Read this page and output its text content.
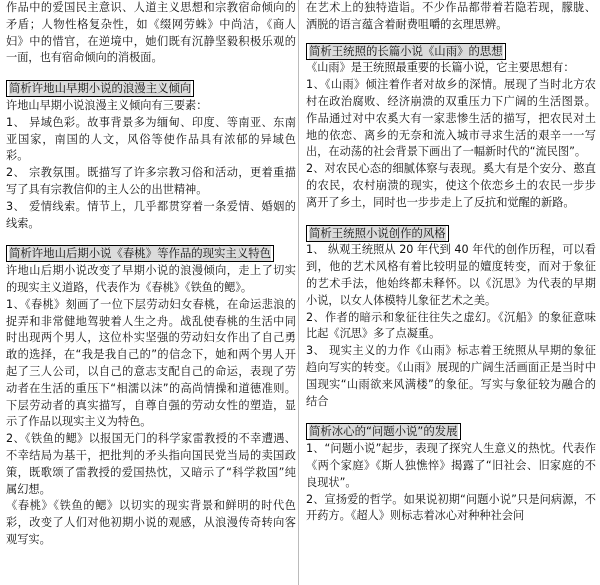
作品中的爱国民主意识、人道主义思想和宗教宿命倾向的矛盾；人物性格复杂性，如《缀网劳蛛》中尚洁，《商人妇》中的惜官，在逆境中，她们既有沉静坚毅积极乐观的一面，也有宿命倾向的消极面。

简析许地山早期小说的浪漫主义倾向

许地山早期小说浪漫主义倾向有三要素：

1、 异域色彩。故事背景多为缅甸、印度、等南亚、东南亚国家，南国的人文，风俗等使作品具有浓郁的异域色彩。

2、 宗教氛围。既描写了许多宗教习俗和活动，更着重描写了具有宗教信仰的主人公的出世精神。

3、 爱情线索。情节上，几乎都贯穿着一条爱情、婚姻的线索。

简析许地山后期小说《春桃》等作品的现实主义特色

许地山后期小说改变了早期小说的浪漫倾向，走上了切实的现实主义道路，代表作为《春桃》《铁鱼的鳃》。

1、《春桃》刻画了一位下层劳动妇女春桃，在命运悲浪的捉弄和非常健地驾驶着人生之舟。战乱使春桃的生活中同时出现两个男人，这位朴实坚强的劳动妇女作出了自己勇敢的选择，在“我是我自己的”的信念下，她和两个男人开起了三人公司，以自己的意志支配自己的命运，表现了劳动者在生活的重压下“相濡以沫”的高尚情操和道德准则。下层劳动者的真实描写，自尊自强的劳动女性的塑造，显示了作品以现实主义为特色。

2、《铁鱼的鳃》以报国无门的科学家雷教授的不幸遭遇、不幸结局为基干，把批判的矛头指向国民党当局的卖国政策，既歌颂了雷教授的爱国热忱，又暗示了“科学救国”纯属幻想。

《春桃》《铁鱼的鳃》以切实的现实背景和鲜明的时代色彩，改变了人们对他初期小说的观感，从浪漫传奇转向客观写实。

在艺术上的独特造诣。不少作品都带着若隐若现，朦胧、洒脱的语言蕴含着耐费咀嚼的玄理思辨。

简析王统照的长篇小说《山雨》的思想

《山雨》是王统照最重要的长篇小说，它主要思想有：

1、《山雨》倾注着作者对故乡的深情。展现了当时北方农村在政治腐败、经济崩溃的双重压力下广阔的生活图景。作品通过对中农奚大有一家悲惨生活的描写，把农民对土地的依恋、离乡的无奈和流入城市寻求生活的艰辛一一写出，在动荡的社会背景下画出了一幅新时代的“流民图”。

2、对农民心态的细腻体察与表现。奚大有是个安分、憨直的农民，农村崩溃的现实，使这个依恋乡土的农民一步步离开了乡土，同时也一步步走上了反抗和觉醒的新路。

简析王统照小说创作的风格

1、 纵观王统照从 20 年代到 40 年代的创作历程，可以看到，他的艺术风格有着比较明显的嬗度转变，而对于象征的艺术手法，他始终都未释怀。以《沉思》为代表的早期小说，以女人体模特儿象征艺术之美。

2、作者的暗示和象征往往失之虚幻。《沉船》的象征意味比起《沉思》多了点凝重。

3、 现实主义的力作《山雨》标志着王统照从早期的象征趋向写实的转变。《山雨》展现的广阔生活画面正是当时中国现实“山雨欲来风满楼”的象征。写实与象征较为融合的结合

简析冰心的“问题小说”的发展

1、“问题小说”起步，表现了探究人生意义的热忱。代表作《两个家庭》《斯人独憔悴》揭露了“旧社会、旧家庭的不良现状”。

2、宣扬爱的哲学。如果说初期“问题小说”只是问病源，不开药方。《超人》则标志着冰心对种种社会问
